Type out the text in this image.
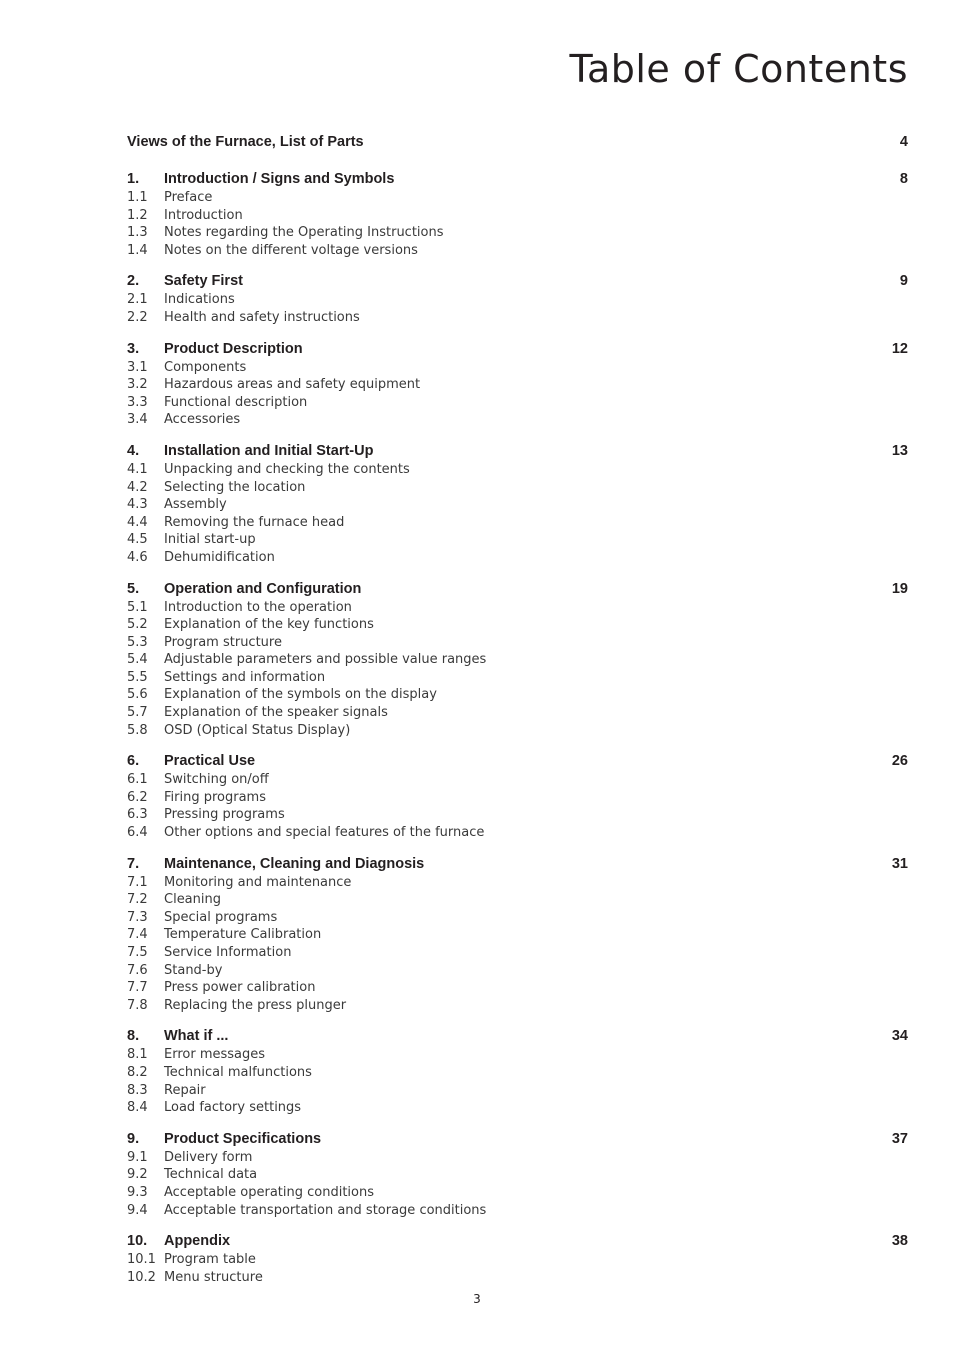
Table of Contents
Views of the Furnace, List of Parts	4
1.	Introduction / Signs and Symbols	8
1.1	Preface
1.2	Introduction
1.3	Notes regarding the Operating Instructions
1.4	Notes on the different voltage versions
2.	Safety First	9
2.1	Indications
2.2	Health and safety instructions
3.	Product Description	12
3.1	Components
3.2	Hazardous areas and safety equipment
3.3	Functional description
3.4	Accessories
4.	Installation and Initial Start-Up	13
4.1	Unpacking and checking the contents
4.2	Selecting the location
4.3	Assembly
4.4	Removing the furnace head
4.5	Initial start-up
4.6	Dehumidification
5.	Operation and Configuration	19
5.1	Introduction to the operation
5.2	Explanation of the key functions
5.3	Program structure
5.4	Adjustable parameters and possible value ranges
5.5	Settings and information
5.6	Explanation of the symbols on the display
5.7	Explanation of the speaker signals
5.8	OSD (Optical Status Display)
6.	Practical Use	26
6.1	Switching on/off
6.2	Firing programs
6.3	Pressing programs
6.4	Other options and special features of the furnace
7.	Maintenance, Cleaning and Diagnosis	31
7.1	Monitoring and maintenance
7.2	Cleaning
7.3	Special programs
7.4	Temperature Calibration
7.5	Service Information
7.6	Stand-by
7.7	Press power calibration
7.8	Replacing the press plunger
8.	What if ...	34
8.1	Error messages
8.2	Technical malfunctions
8.3	Repair
8.4	Load factory settings
9.	Product Specifications	37
9.1	Delivery form
9.2	Technical data
9.3	Acceptable operating conditions
9.4	Acceptable transportation and storage conditions
10.	Appendix	38
10.1 Program table
10.2 Menu structure
3
